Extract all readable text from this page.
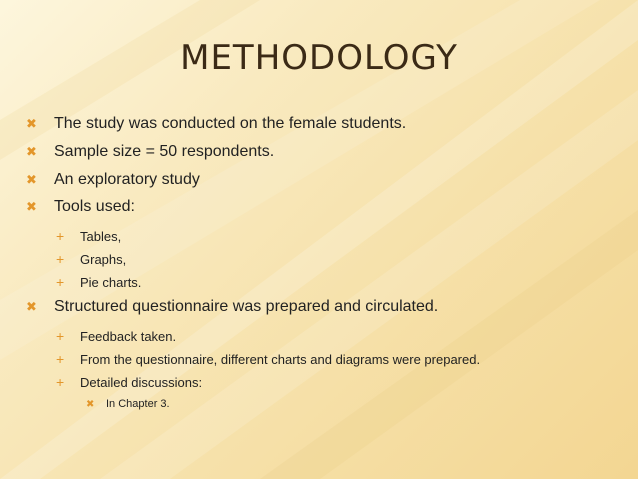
METHODOLOGY
✖	The study was conducted on the female students.
✖	Sample size = 50 respondents.
✖	An exploratory study
✖	Tools used:
+	Tables,
+	Graphs,
+	Pie charts.
✖	Structured questionnaire was prepared and circulated.
+	Feedback taken.
+	From the questionnaire, different charts and diagrams were prepared.
+	Detailed discussions:
✖	In Chapter 3.
